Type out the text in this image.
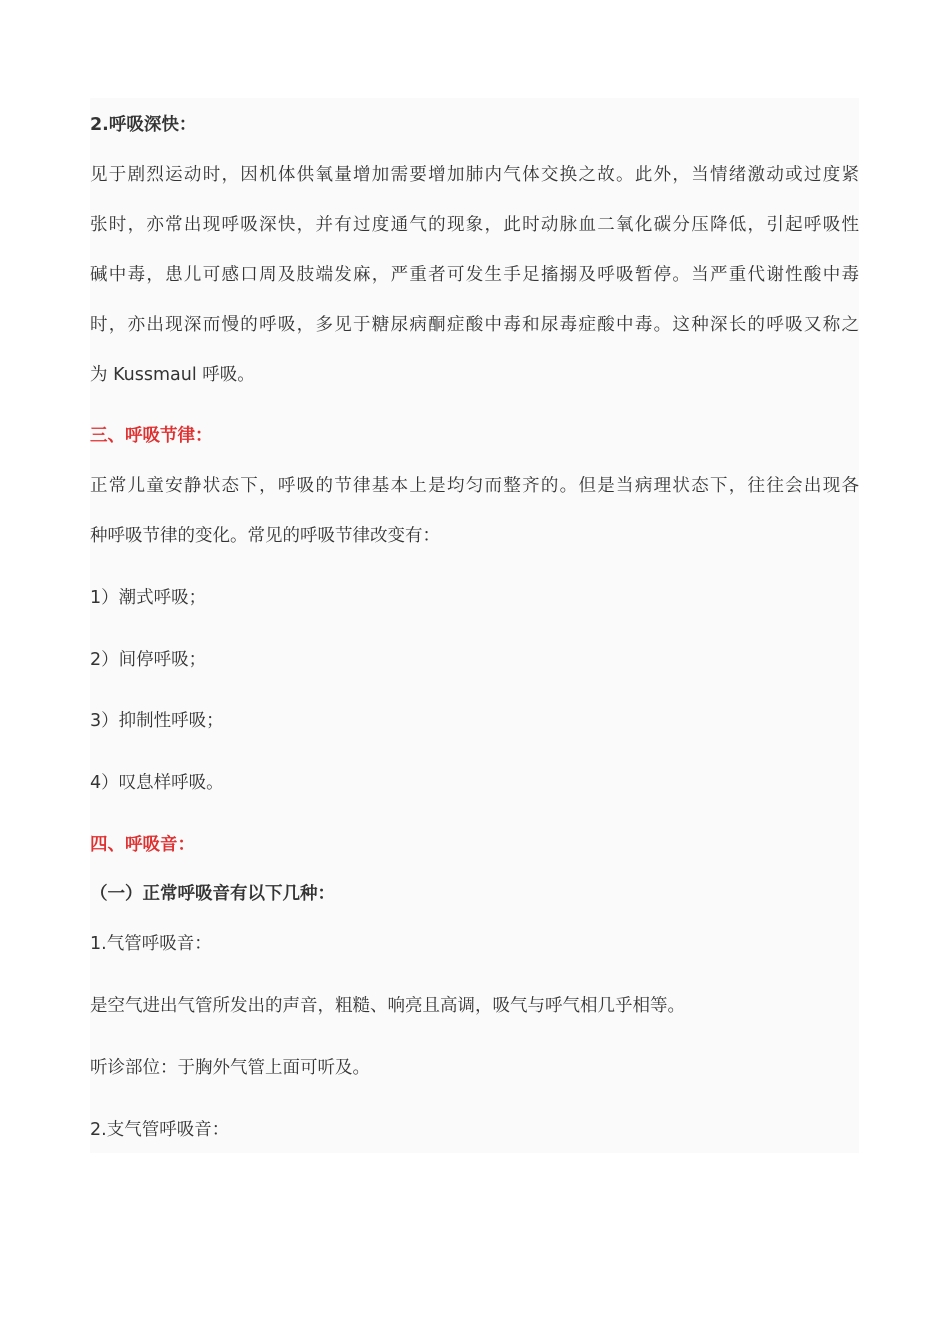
2.呼吸深快：
见于剧烈运动时，因机体供氧量增加需要增加肺内气体交换之故。此外，当情绪激动或过度紧
张时，亦常出现呼吸深快，并有过度通气的现象，此时动脉血二氧化碳分压降低，引起呼吸性
碱中毒，患儿可感口周及肢端发麻，严重者可发生手足搐搦及呼吸暂停。当严重代谢性酸中毒
时，亦出现深而慢的呼吸，多见于糖尿病酮症酸中毒和尿毒症酸中毒。这种深长的呼吸又称之
为 Kussmaul 呼吸。
三、呼吸节律：
正常儿童安静状态下，呼吸的节律基本上是均匀而整齐的。但是当病理状态下，往往会出现各
种呼吸节律的变化。常见的呼吸节律改变有：
1）潮式呼吸；
2）间停呼吸；
3）抑制性呼吸；
4）叹息样呼吸。
四、呼吸音：
（一）正常呼吸音有以下几种：
1.气管呼吸音：
是空气进出气管所发出的声音，粗糙、响亮且高调，吸气与呼气相几乎相等。
听诊部位：于胸外气管上面可听及。
2.支气管呼吸音：
